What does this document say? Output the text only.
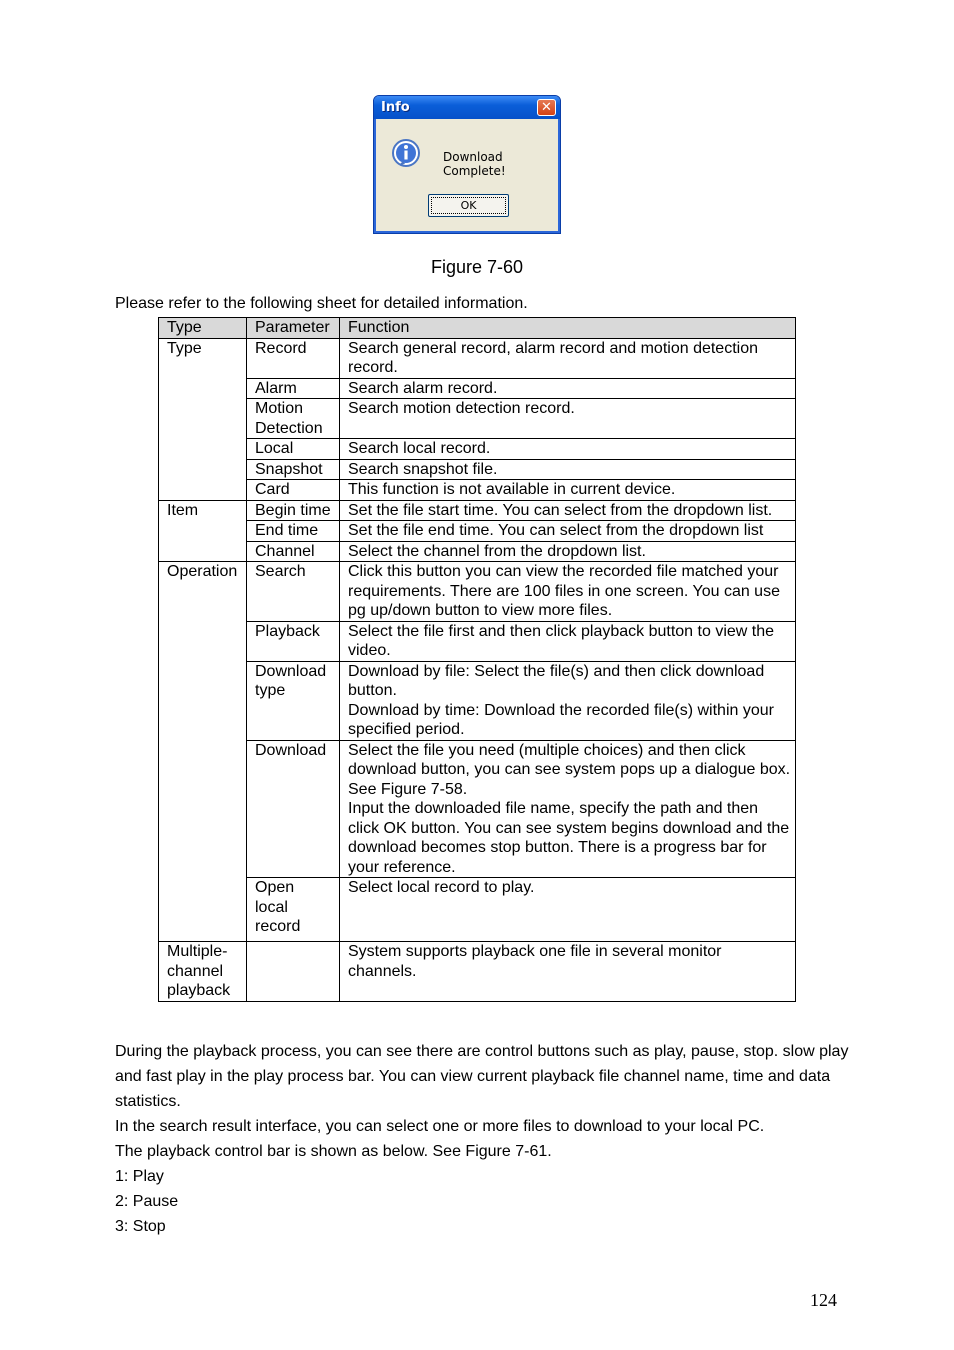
Info	✕
Download Complete!
OK
Figure 7-60
Please refer to the following sheet for detailed information.
Type	Parameter	Function
Type	Record	Search general record, alarm record and motion detection record.
	Alarm	Search alarm record.
	Motion Detection	Search motion detection record.
	Local	Search local record.
	Snapshot	Search snapshot file.
	Card	This function is not available in current device.
Item	Begin time	Set the file start time. You can select from the dropdown list.
	End time	Set the file end time. You can select from the dropdown list
	Channel	Select the channel from the dropdown list.
Operation	Search	Click this button you can view the recorded file matched your requirements. There are 100 files in one screen. You can use pg up/down button to view more files.
	Playback	Select the file first and then click playback button to view the video.
	Download type	Download by file: Select the file(s) and then click download button.
Download by time: Download the recorded file(s) within your specified period.

	Download	Select the file you need (multiple choices) and then click download button, you can see system pops up a dialogue box. See Figure 7-58.
Input the downloaded file name, specify the path and then click OK button. You can see system begins download and the download becomes stop button. There is a progress bar for your reference.

	Open local record	Select local record to play.
Multiple-channel playback		System supports playback one file in several monitor channels.
During the playback process, you can see there are control buttons such as play, pause, stop. slow play and fast play in the play process bar. You can view current playback file channel name, time and data statistics.
In the search result interface, you can select one or more files to download to your local PC.
The playback control bar is shown as below. See Figure 7-61.
1: Play
2: Pause
3: Stop
124
